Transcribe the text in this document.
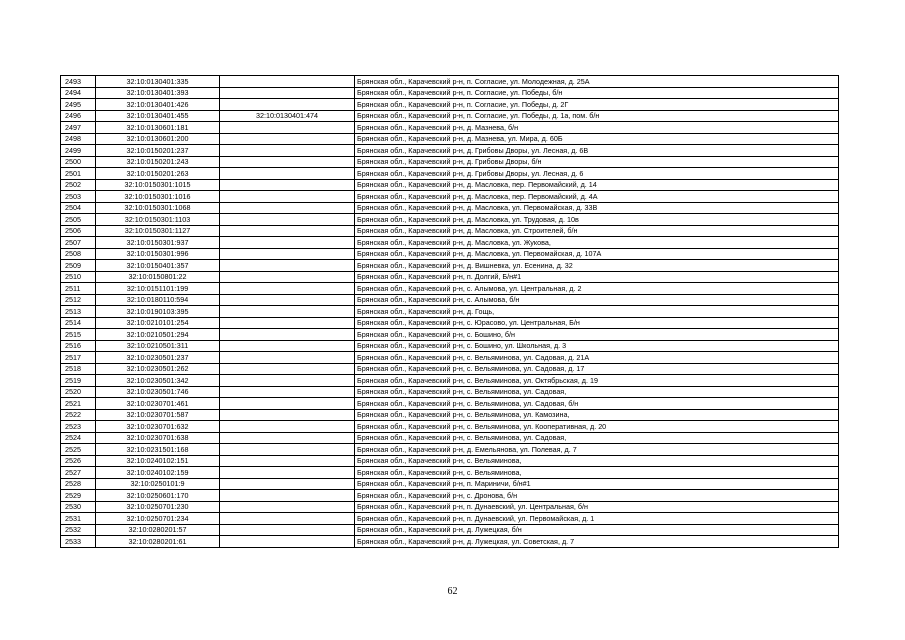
2493	32:10:0130401:335		Брянская обл., Карачевский р-н, п. Согласие, ул. Молодежная, д. 25А
2494	32:10:0130401:393		Брянская обл., Карачевский р-н, п. Согласие, ул. Победы, б/н
2495	32:10:0130401:426		Брянская обл., Карачевский р-н, п. Согласие, ул. Победы, д. 2Г
2496	32:10:0130401:455	32:10:0130401:474	Брянская обл., Карачевский р-н, п. Согласие, ул. Победы, д. 1а, пом. б/н
2497	32:10:0130601:181		Брянская обл., Карачевский р-н, д. Мазнева, б/н
2498	32:10:0130601:200		Брянская обл., Карачевский р-н, д. Мазнева, ул. Мира, д. 60Б
2499	32:10:0150201:237		Брянская обл., Карачевский р-н, д. Грибовы Дворы, ул. Лесная, д. 6В
2500	32:10:0150201:243		Брянская обл., Карачевский р-н, д. Грибовы Дворы, б/н
2501	32:10:0150201:263		Брянская обл., Карачевский р-н, д. Грибовы Дворы, ул. Лесная, д. 6
2502	32:10:0150301:1015		Брянская обл., Карачевский р-н, д. Масловка, пер. Первомайский, д. 14
2503	32:10:0150301:1016		Брянская обл., Карачевский р-н, д. Масловка, пер. Первомайский, д. 4А
2504	32:10:0150301:1068		Брянская обл., Карачевский р-н, д. Масловка, ул. Первомайская, д. 33В
2505	32:10:0150301:1103		Брянская обл., Карачевский р-н, д. Масловка, ул. Трудовая, д. 10в
2506	32:10:0150301:1127		Брянская обл., Карачевский р-н, д. Масловка, ул. Строителей, б/н
2507	32:10:0150301:937		Брянская обл., Карачевский р-н, д. Масловка, ул. Жукова,
2508	32:10:0150301:996		Брянская обл., Карачевский р-н, д. Масловка, ул. Первомайская, д. 107А
2509	32:10:0150401:357		Брянская обл., Карачевский р-н, д. Вишневка, ул. Есенина, д. 32
2510	32:10:0150801:22		Брянская обл., Карачевский р-н, п. Долгий, Б/н#1
2511	32:10:0151101:199		Брянская обл., Карачевский р-н, с. Алымова, ул. Центральная, д. 2
2512	32:10:0180110:594		Брянская обл., Карачевский р-н, с. Алымова, б/н
2513	32:10:0190103:395		Брянская обл., Карачевский р-н, д. Гощь,
2514	32:10:0210101:254		Брянская обл., Карачевский р-н, с. Юрасово, ул. Центральная, Б/н
2515	32:10:0210501:294		Брянская обл., Карачевский р-н, с. Бошино, б/н
2516	32:10:0210501:311		Брянская обл., Карачевский р-н, с. Бошино, ул. Школьная, д. 3
2517	32:10:0230501:237		Брянская обл., Карачевский р-н, с. Вельяминова, ул. Садовая, д. 21А
2518	32:10:0230501:262		Брянская обл., Карачевский р-н, с. Вельяминова, ул. Садовая, д. 17
2519	32:10:0230501:342		Брянская обл., Карачевский р-н, с. Вельяминова, ул. Октябрьская, д. 19
2520	32:10:0230501:746		Брянская обл., Карачевский р-н, с. Вельяминова, ул. Садовая,
2521	32:10:0230701:461		Брянская обл., Карачевский р-н, с. Вельяминова, ул. Садовая, б/н
2522	32:10:0230701:587		Брянская обл., Карачевский р-н, с. Вельяминова, ул. Камозина,
2523	32:10:0230701:632		Брянская обл., Карачевский р-н, с. Вельяминова, ул. Кооперативная, д. 20
2524	32:10:0230701:638		Брянская обл., Карачевский р-н, с. Вельяминова, ул. Садовая,
2525	32:10:0231501:168		Брянская обл., Карачевский р-н, д. Емельянова, ул. Полевая, д. 7
2526	32:10:0240102:151		Брянская обл., Карачевский р-н, с. Вельяминова,
2527	32:10:0240102:159		Брянская обл., Карачевский р-н, с. Вельяминова,
2528	32:10:0250101:9		Брянская обл., Карачевский р-н, п. Мариничи, б/н#1
2529	32:10:0250601:170		Брянская обл., Карачевский р-н, с. Дронова, б/н
2530	32:10:0250701:230		Брянская обл., Карачевский р-н, п. Дунаевский, ул. Центральная, б/н
2531	32:10:0250701:234		Брянская обл., Карачевский р-н, п. Дунаевский, ул. Первомайская, д. 1
2532	32:10:0280201:57		Брянская обл., Карачевский р-н, д. Лужецкая, б/н
2533	32:10:0280201:61		Брянская обл., Карачевский р-н, д. Лужецкая, ул. Советская, д. 7
62
